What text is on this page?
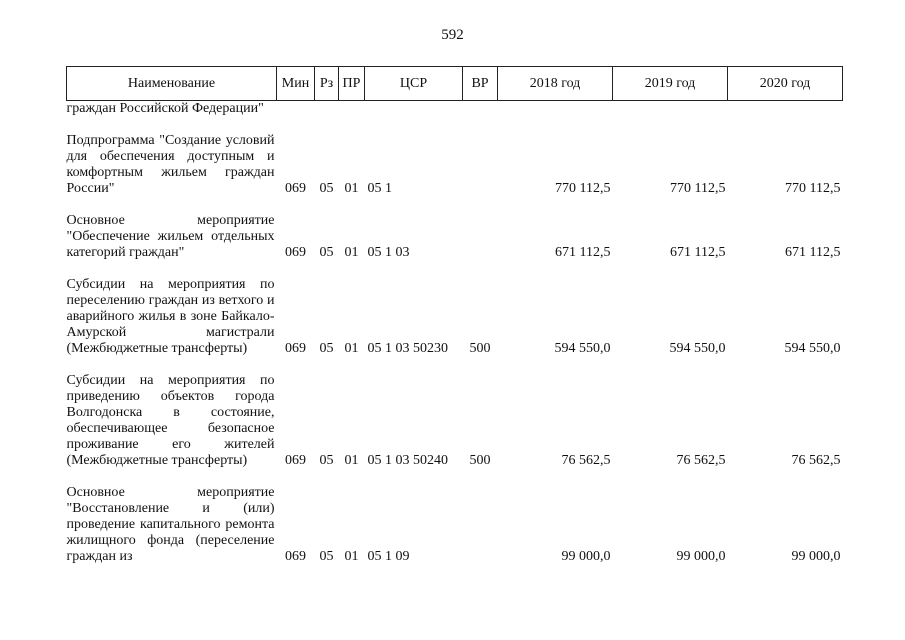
592
Наименование	Мин	Рз	ПР	ЦСР	ВР	2018 год	2019 год	2020 год
граждан Российской Федерации"								

Подпрограмма "Создание условий для обеспечения доступным и комфортным жильем граждан России"	069	05	01	05 1		770 112,5	770 112,5	770 112,5

Основное мероприятие "Обеспечение жильем отдельных категорий граждан"	069	05	01	05 1 03		671 112,5	671 112,5	671 112,5

Субсидии на мероприятия по переселению граждан из ветхого и аварийного жилья в зоне Байкало-Амурской магистрали (Межбюджетные трансферты)	069	05	01	05 1 03 50230	500	594 550,0	594 550,0	594 550,0

Субсидии на мероприятия по приведению объектов города Волгодонска в состояние, обеспечивающее безопасное проживание его жителей (Межбюджетные трансферты)	069	05	01	05 1 03 50240	500	76 562,5	76 562,5	76 562,5

Основное мероприятие "Восстановление и (или) проведение капитального ремонта жилищного фонда (переселение граждан из	069	05	01	05 1 09		99 000,0	99 000,0	99 000,0
